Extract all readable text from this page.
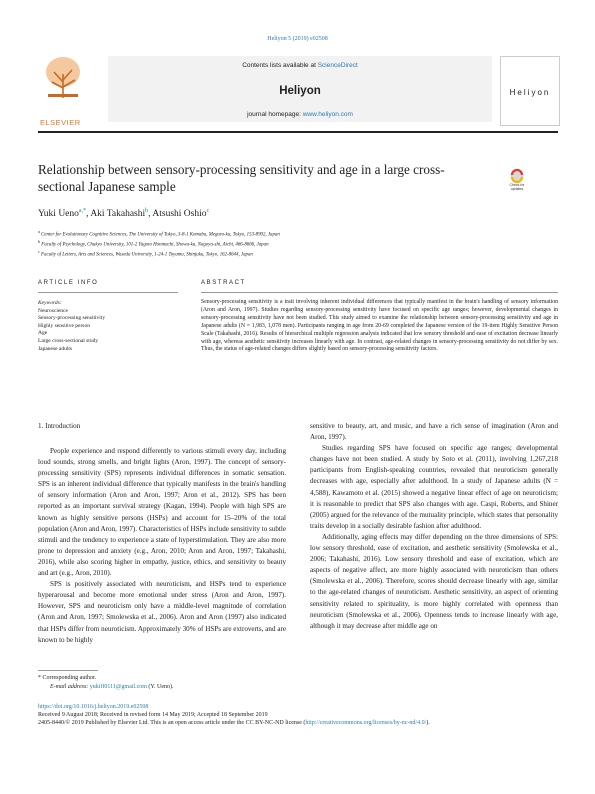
Heliyon 5 (2019) e02508
ELSEVIER
Contents lists available at ScienceDirect
Heliyon
journal homepage: www.heliyon.com
Heliyon
Relationship between sensory-processing sensitivity and age in a large cross-sectional Japanese sample	Check for updates
Yuki Ueno$^{a,*}$, Aki Takahashi$^b$, Atsushi Oshio$^c$
$^a$ Center for Evolutionary Cognitive Sciences, The University of Tokyo, 3-8-1 Komaba, Meguro-ku, Tokyo, 153-8902, Japan
$^b$ Faculty of Psychology, Chukyo University, 101-2 Yagoto Honmachi, Showa-ku, Nagoya-shi, Aichi, 466-8666, Japan
$^c$ Faculty of Letters, Arts and Sciences, Waseda University, 1-24-1 Toyama, Shinjuku, Tokyo, 162-8644, Japan
ARTICLE INFO	ABSTRACT
Keywords:
Neuroscience
Sensory-processing sensitivity
Highly sensitive person
Age
Large cross-sectional study
Japanese adults
Sensory-processing sensitivity is a trait involving inherent individual differences that typically manifest in the brain's handling of sensory information (Aron and Aron, 1997). Studies regarding sensory-processing sensitivity have focused on specific age ranges; however, developmental changes in sensory-processing sensitivity have not been studied. This study aimed to examine the relationship between sensory-processing sensitivity and age in Japanese adults (N = 1,983, 1,078 men). Participants ranging in age from 20-69 completed the Japanese version of the 19-item Highly Sensitive Person Scale (Takahashi, 2016). Results of hierarchical multiple regression analysis indicated that low sensory threshold and ease of excitation decrease linearly with age, whereas aesthetic sensitivity increases linearly with age. In contrast, age-related changes in sensory-processing sensitivity do not differ by sex. Thus, the status of age-related changes differs slightly based on sensory-processing sensitivity factors.
1. Introduction

People experience and respond differently to various stimuli every day, including loud sounds, strong smells, and bright lights (Aron, 1997). The concept of sensory-processing sensitivity (SPS) represents individual differences in somatic sensation. SPS is an inherent individual difference that typically manifests in the brain's handling of sensory information (Aron and Aron, 1997; Aron et al., 2012). SPS has been reported as an important survival strategy (Kagan, 1994). People with high SPS are known as highly sensitive persons (HSPs) and account for 15–20% of the total population (Aron and Aron, 1997). Characteristics of HSPs include sensitivity to subtle stimuli and the tendency to experience a state of hyperstimulation. They are also more prone to depression and anxiety (e.g., Aron, 2010; Aron and Aron, 1997; Takahashi, 2016), while also scoring higher in empathy, justice, ethics, and sensitivity to beauty and art (e.g., Aron, 2010).

SPS is positively associated with neuroticism, and HSPs tend to experience hyperarousal and become more emotional under stress (Aron and Aron, 1997). However, SPS and neuroticism only have a middle-level magnitude of correlation (Aron and Aron, 1997; Smolewska et al., 2006). Aron and Aron (1997) also indicated that HSPs differ from neuroticism. Approximately 30% of HSPs are extroverts, and are known to be highly

sensitive to beauty, art, and music, and have a rich sense of imagination (Aron and Aron, 1997).

Studies regarding SPS have focused on specific age ranges; developmental changes have not been studied. A study by Soto et al. (2011), involving 1,267,218 participants from English-speaking countries, revealed that neuroticism generally decreases with age, especially after adulthood. In a study of Japanese adults (N = 4,588), Kawamoto et al. (2015) showed a negative linear effect of age on neuroticism; it is reasonable to predict that SPS also changes with age. Caspi, Roberts, and Shiner (2005) argued for the relevance of the mutuality principle, which states that personality traits develop in a socially desirable fashion after adulthood.

Additionally, aging effects may differ depending on the three dimensions of SPS: low sensory threshold, ease of excitation, and aesthetic sensitivity (Smolewska et al., 2006; Takahashi, 2016). Low sensory threshold and ease of excitation, which are aspects of negative affect, are more highly associated with neuroticism than others (Smolewska et al., 2006). Therefore, scores should decrease linearly with age, similar to the age-related changes of neuroticism. Aesthetic sensitivity, an aspect of orienting sensitivity related to spirituality, is more highly correlated with openness than neuroticism (Smolewska et al., 2006). Openness tends to increase linearly with age, although it may decrease after middle age on

* Corresponding author.
E-mail address: yukiff0111@gmail.com (Y. Ueno).
https://doi.org/10.1016/j.heliyon.2019.e02508
Received 9 August 2018; Received in revised form 14 May 2019; Accepted 18 September 2019
2405-8440/© 2019 Published by Elsevier Ltd. This is an open access article under the CC BY-NC-ND license (http://creativecommons.org/licenses/by-nc-nd/4.0/).
